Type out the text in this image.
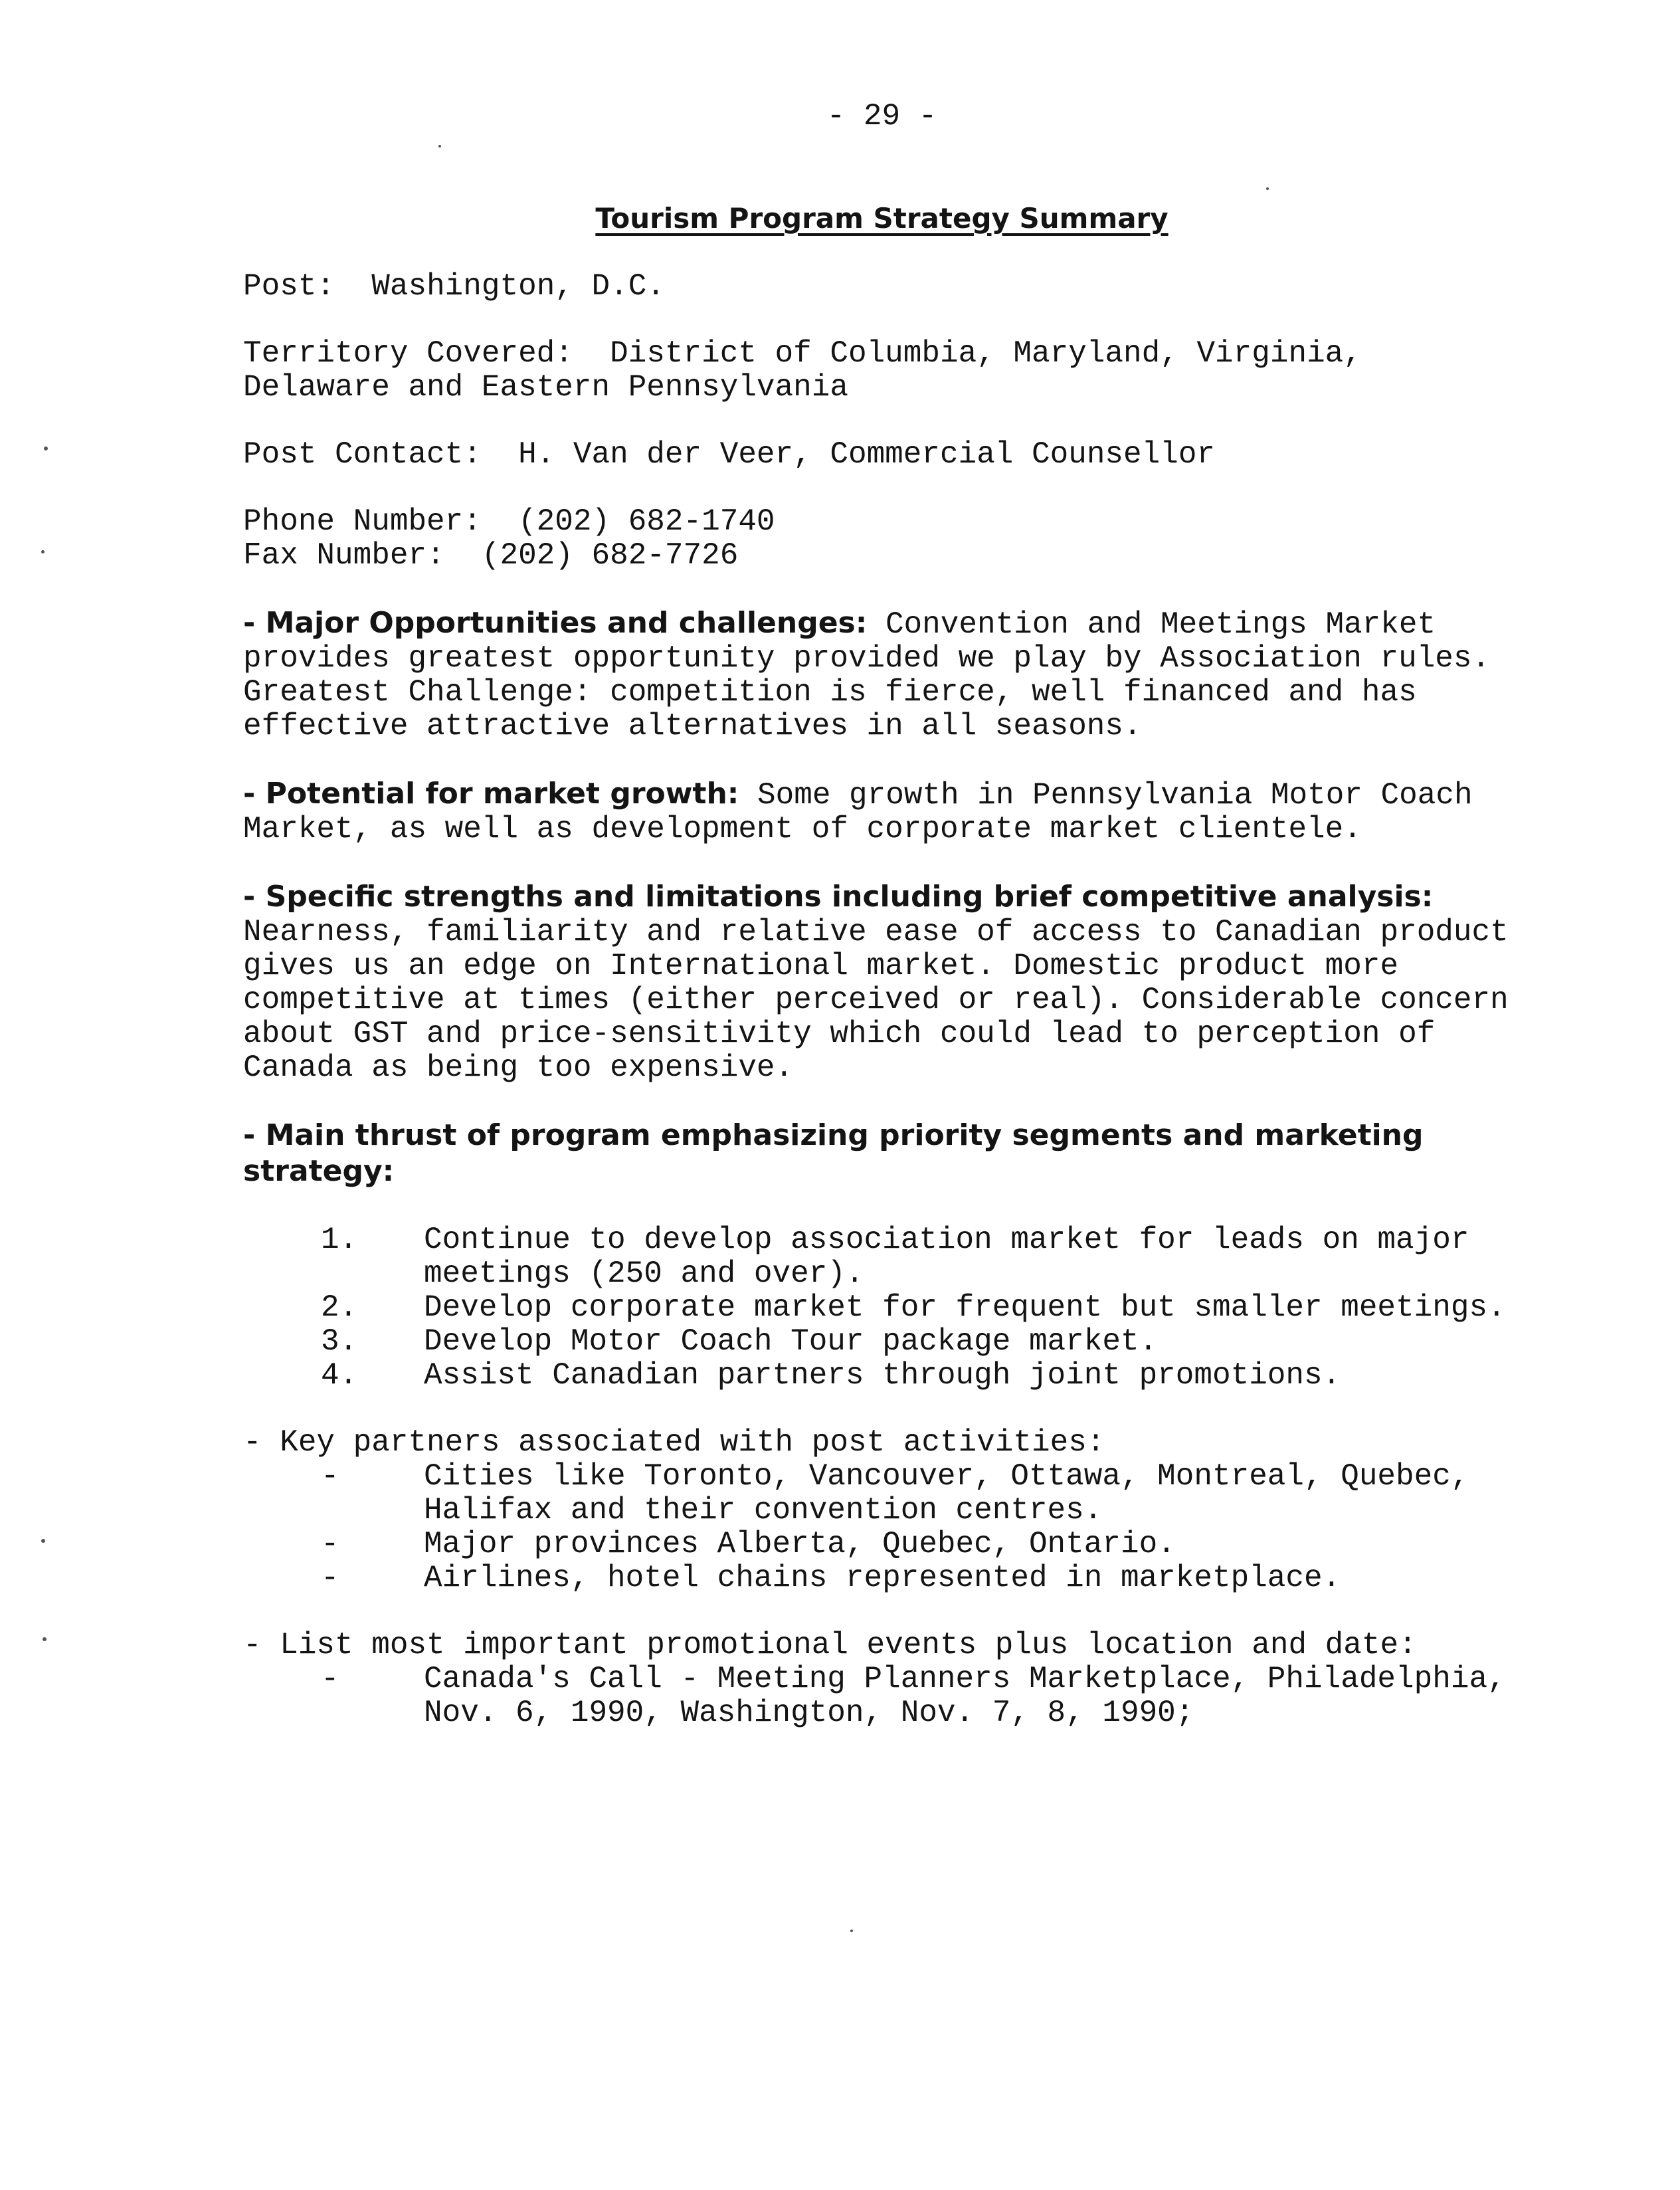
- 29 -
Tourism Program Strategy Summary

Post: Washington, D.C.

Territory Covered: District of Columbia, Maryland, Virginia,
Delaware and Eastern Pennsylvania

Post Contact: H. Van der Veer, Commercial Counsellor

Phone Number: (202) 682-1740
Fax Number: (202) 682-7726

- Major Opportunities and challenges: Convention and Meetings Market provides greatest opportunity provided we play by Association rules. Greatest Challenge: competition is fierce, well financed and has effective attractive alternatives in all seasons.

- Potential for market growth: Some growth in Pennsylvania Motor Coach Market, as well as development of corporate market clientele.

- Specific strengths and limitations including brief competitive analysis: Nearness, familiarity and relative ease of access to Canadian product gives us an edge on International market. Domestic product more competitive at times (either perceived or real). Considerable concern about GST and price-sensitivity which could lead to perception of Canada as being too expensive.

- Main thrust of program emphasizing priority segments and marketing strategy:

1. Continue to develop association market for leads on major meetings (250 and over).
2. Develop corporate market for frequent but smaller meetings.
3. Develop Motor Coach Tour package market.
4. Assist Canadian partners through joint promotions.

- Key partners associated with post activities:

-	Cities like Toronto, Vancouver, Ottawa, Montreal, Quebec, Halifax and their convention centres.
-	Major provinces Alberta, Quebec, Ontario.
-	Airlines, hotel chains represented in marketplace.

- List most important promotional events plus location and date:

-	Canada's Call - Meeting Planners Marketplace, Philadelphia, Nov. 6, 1990, Washington, Nov. 7, 8, 1990;
